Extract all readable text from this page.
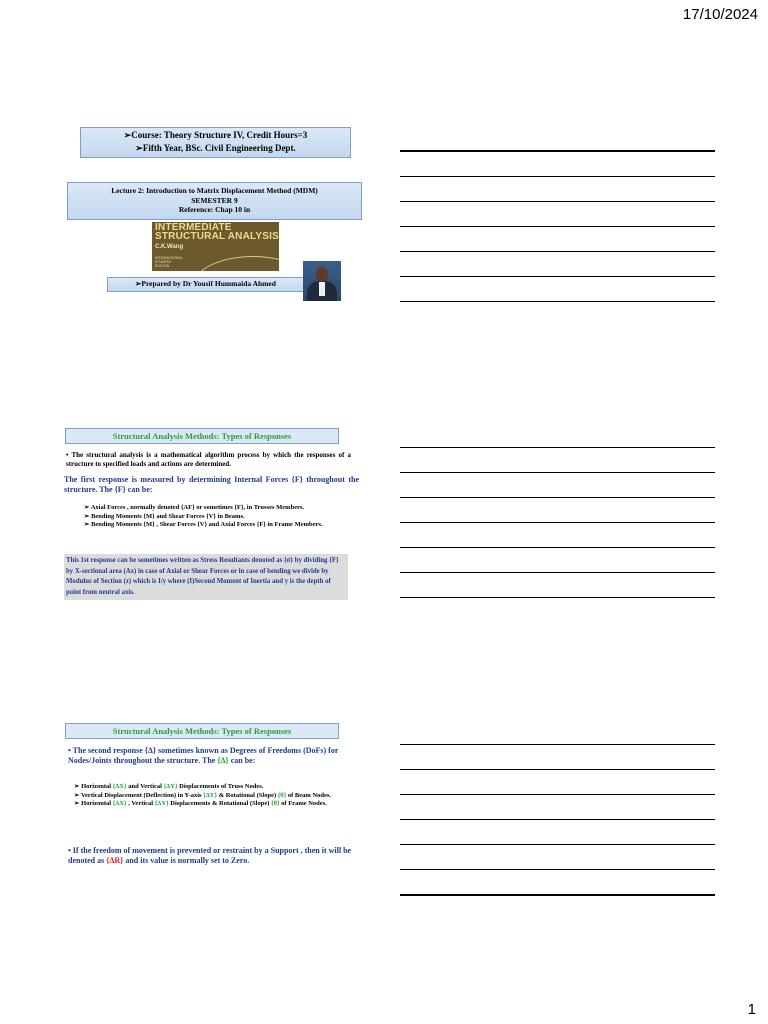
17/10/2024
➢Course: Theory Structure IV, Credit Hours=3
➢Fifth Year, BSc. Civil Engineering Dept.
Lecture 2: Introduction to Matrix Displacement Method (MDM)
SEMESTER 9
Reference: Chap 10 in
INTERMEDIATE
STRUCTURAL ANALYSIS
C.K.Wang
INTERNATIONAL STUDENT EDITION
➢Prepared by Dr Yousif Hummaida Ahmed
Structural Analysis Methods: Types of Responses
• The structural analysis is a mathematical algorithm process by which the responses of a structure to specified loads and actions are determined.
The first response is measured by determining Internal Forces {F} throughout the structure. The {F} can be:
➢ Axial Forces , normally denoted {AF} or sometimes {F}, in Trusses Members.
➢ Bending Moments {M} and Shear Forces {V} in Beams.
➢ Bending Moments {M} , Shear Forces {V} and Axial Forces {F} in Frame Members.
This 1st response can be sometimes written as Stress Resultants denoted as {σ} by dividing {F} by X-sectional area (Ax) in case of Axial or Shear Forces or in case of bending we divide by Modulus of Section (z) which is I/y where (I)Second Moment of Inertia and y is the depth of point from neutral axis.
Structural Analysis Methods: Types of Responses
• The second response {Δ} sometimes known as Degrees of Freedoms (DoFs) for Nodes/Joints throughout the structure. The {Δ} can be:
➢ Horizontal {ΔX} and Vertical {ΔY} Displacements of Truss Nodes.
➢ Vertical Displacement (Deflection) in Y-axis {ΔY} & Rotational (Slope) {θ} of Beam Nodes.
➢ Horizontal {ΔX} , Vertical {ΔY} Displacements & Rotational (Slope) {θ} of Frame Nodes.
• If the freedom of movement is prevented or restraint by a Support , then it will be denoted as {ΔR} and its value is normally set to Zero.
1
